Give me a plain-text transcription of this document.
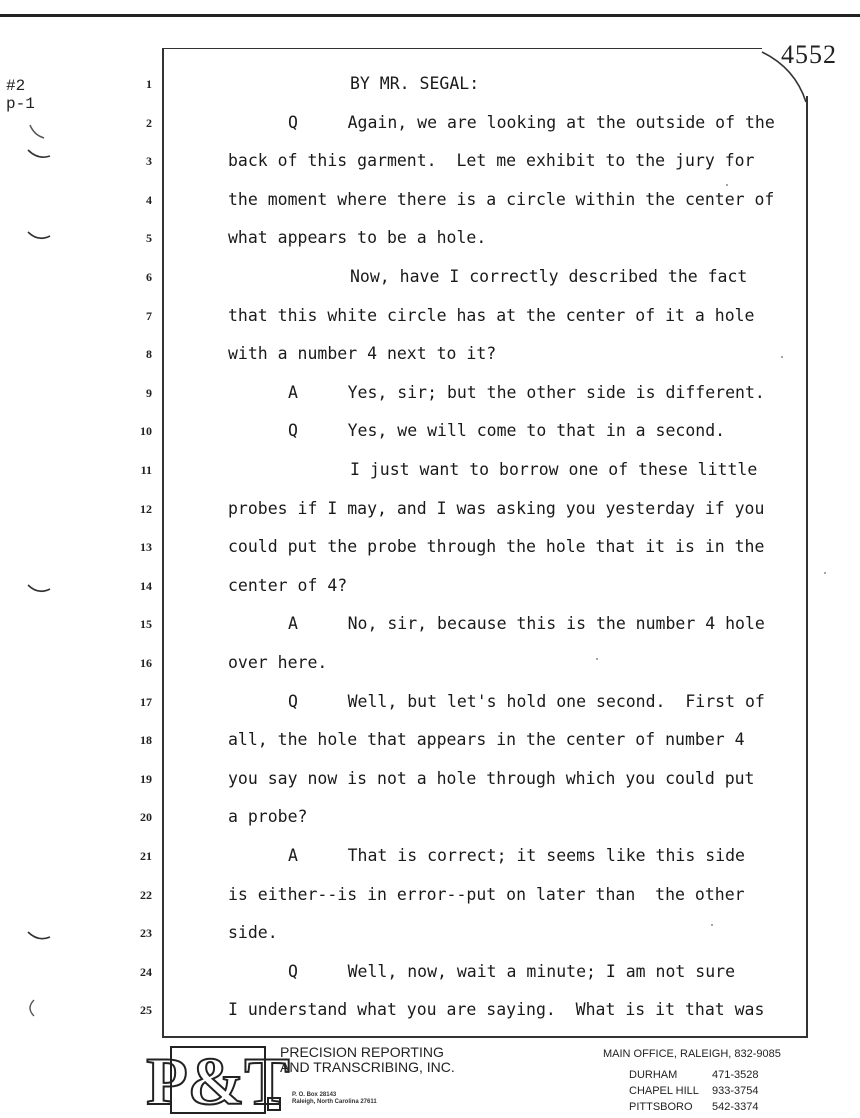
#2
p-1
4552
1	BY MR. SEGAL:
2	Q     Again, we are looking at the outside of the
3	back of this garment.  Let me exhibit to the jury for
4	the moment where there is a circle within the center of
5	what appears to be a hole.
6	Now, have I correctly described the fact
7	that this white circle has at the center of it a hole
8	with a number 4 next to it?
9	A     Yes, sir; but the other side is different.
10	Q     Yes, we will come to that in a second.
11	I just want to borrow one of these little
12	probes if I may, and I was asking you yesterday if you
13	could put the probe through the hole that it is in the
14	center of 4?
15	A     No, sir, because this is the number 4 hole
16	over here.
17	Q     Well, but let's hold one second.  First of
18	all, the hole that appears in the center of number 4
19	you say now is not a hole through which you could put
20	a probe?
21	A     That is correct; it seems like this side
22	is either--is in error--put on later than  the other
23	side.
24	Q     Well, now, wait a minute; I am not sure
25	I understand what you are saying.  What is it that was
P&T
PRECISION REPORTING
AND TRANSCRIBING, INC.
P. O. Box 28143
Raleigh, North Carolina 27611
MAIN OFFICE, RALEIGH, 832-9085
DURHAM	471-3528
CHAPEL HILL 933-3754
PITTSBORO 542-3374
